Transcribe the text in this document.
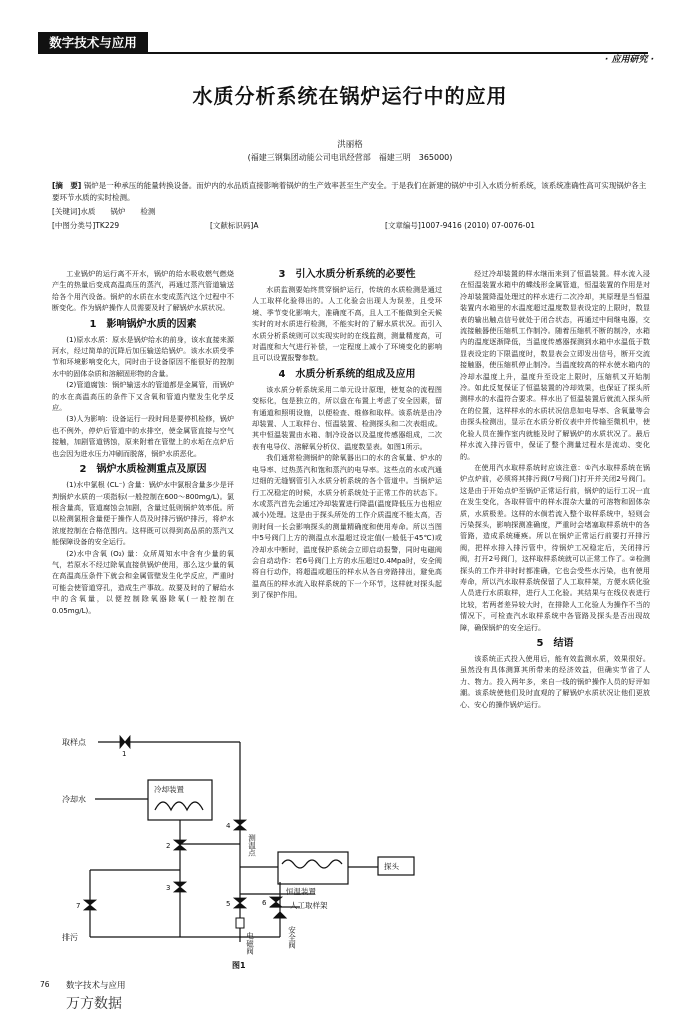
数字技术与应用
· 应用研究 ·
水质分析系统在锅炉运行中的应用
洪丽格
(福建三钢集团动能公司电讯经营部　福建三明　365000)
[摘　要] 锅炉是一种承压的能量转换设备。而炉内的水品质直接影响着锅炉的生产效率甚至生产安全。于是我们在新建的锅炉中引入水质分析系统，该系统准确性高可实现锅炉各主要环节水质的实时检测。
[关键词]水质　　锅炉　　检测
[中图分类号]TK229	[文献标识码]A	[文章编号]1007-9416 (2010) 07-0076-01

工业锅炉的运行离不开水，锅炉的给水吸收燃气燃烧产生的热量后变成高温高压的蒸汽，再通过蒸汽管道输送给各个用汽设备。锅炉的水质在水变成蒸汽这个过程中不断变化。作为锅炉操作人员需要及时了解锅炉水质状况。

1　影响锅炉水质的因素

(1)原水水质：原水是锅炉给水的前身，该水直接来源河水，经过简单的沉降后加压输送给锅炉。该水水质受季节和环境影响变化大，同时由于设备原因不能很好的控制水中的固体杂质和溶解固形物的含量。

(2)管道腐蚀：锅炉输送水的管道都是金属管，而锅炉的水在高温高压的条件下又含氧和管道内壁发生化学反应。

(3)人为影响：设备运行一段时间是要停机检修，锅炉也不例外，停炉后管道中的水排空，使金属管直接与空气接触，加剧管道锈蚀，原来附着在管壁上的水垢在点炉后也会因为进水压力冲刷而脱落，锅炉水质恶化。

2　锅炉水质检测重点及原因

(1)水中氯根 (CL⁻) 含量：锅炉水中氯根含量多少是评判锅炉水质的一项指标(一般控制在600～800mg/L)。氯根含量高，管道腐蚀会加剧，含量过低则锅炉效率低。所以检测氯根含量便于操作人员及时排污锅炉排污，将炉水浓度控制在合格范围内。这样既可以得到高品质的蒸汽又能保障设备的安全运行。

(2)水中含氧 (O₂) 量：众所周知水中含有少量的氧气，若原水不经过除氧直接供锅炉使用，那么这少量的氧在高温高压条件下就会和金属管壁发生化学反应，严重时可能会使管道穿孔，造成生产事故。故要及时的了解给水中的含氧量，以便控制除氧器除氧(一般控制在0.05mg/L)。

3　引入水质分析系统的必要性

水质监测要始终贯穿锅炉运行，传统的水质检测是通过人工取样化验得出的。人工化验会出现人为误差，且受环境、季节变化影响大，准确度不高，且人工不能做到全天候实时的对水质进行检测，不能实时的了解水质状况。而引入水质分析系统则可以实现实时的在线监测，测量精度高，可对温度和大气进行补偿，一定程度上减小了环境变化的影响且可以设置报警参数。

4　水质分析系统的组成及应用

该水质分析系统采用二单元设计原理，使复杂的流程图变标化，包是独立的，所以盘在布置上考虑了安全因素，留有通道和照明设施，以便检查、维修和取样。该系统是由冷却装置、人工取样台、恒温装置、检测探头和二次表组成。其中恒温装置由水箱、制冷设备以及温度传感器组成，二次表有电导仪、溶解氧分析仪、温度数显表。如图1所示。

我们通常检测锅炉的除氧器出口的水的含氧量、炉水的电导率、过热蒸汽和饱和蒸汽的电导率。这些点的水或汽通过细的无缝钢管引入水质分析系统的各个管道中。当锅炉运行工况稳定的时候，水质分析系统处于正常工作的状态下。水或蒸汽首先会通过冷却装置进行降温(温度降低压力也相应减小)处理。这是由于探头所处的工作介质温度不能太高，否则时间一长会影响探头的测量精确度和使用寿命。所以当图中5号阀门上方的测温点水温超过设定值(一般低于45℃)或冷却水中断时，温度保护系统会立即启动报警，同时电磁阀会自动动作：若6号阀门上方的水压超过0.4Mpa时，安全阀将自行动作，将超温或超压的样水从各自旁路排出，避免高温高压的样水流入取样系统的下一个环节，这样就对探头起到了保护作用。

经过冷却装置的样水继而来到了恒温装置。样水流入浸在恒温装置水箱中的蝶线形金属管道，恒温装置的作用是对冷却装置降温处理过的样水进行二次冷却，其原理是当恒温装置内水箱里的水温度超过温度数显表设定的上限时，数显表的输出触点信号就处于闭合状态，再通过中间继电器，交流接触器使压缩机工作制冷。随着压缩机不断的制冷，水箱内的温度逐渐降低，当温度传感器探测到水箱中水温低于数显表设定的下限温度时，数显表会立即发出信号，断开交流接触器，使压缩机停止制冷。当温度较高的样水使水箱内的冷却水温度上升，温度升至设定上限时，压缩机又开始制冷。如此反复保证了恒温装置的冷却效果，也保证了探头所测样水的水温符合要求。样水出了恒温装置后就流入探头所在的位置，这样样水的水质状况信息如电导率、含氧量等会由探头检测出，显示在水质分析仪表中并传输至微机中，使化验人员在操作室内就能及时了解锅炉的水质状况了。最后样水流入排污管中，保证了整个测量过程水是流动、变化的。

在使用汽水取样系统时应该注意：①汽水取样系统在锅炉点炉前，必须将其排污阀(7号阀门)打开并关闭2号阀门。这是由于开始点炉至锅炉正常运行前，锅炉的运行工况一直在发生变化，各取样管中的样水混杂大量的可溶物和固体杂质，水质极差。这样的水倘若流入整个取样系统中，轻则会污染探头，影响探测准确度，严重时会堵塞取样系统中的各管路，造成系统瘫痪。所以在锅炉正常运行前要打开排污阀，把样水排入排污管中，待锅炉工况稳定后，关闭排污阀，打开2号阀门，这样取样系统就可以正常工作了。②检测探头的工作并非时时都准确，它也会受些水污染，也有使用寿命，所以汽水取样系统保留了人工取样架，方便水质化验人员进行水质取样，进行人工化验。其结果与在线仪表进行比较，若两者差异较大时，在排除人工化验人为操作不当的情况下，可检查汽水取样系统中各管路及探头是否出现故障，确保锅炉的安全运行。

5　结语

该系统正式投入使用后，能有效监测水质，效果很好。虽然没有具体测算其所带来的经济效益，但确实节省了人力、物力。投入两年多，来自一线的锅炉操作人员的好评如潮。该系统使他们及时直观的了解锅炉水质状况让他们更放心、安心的操作锅炉运行。

取样点
冷却水
冷却装置
排污
测温点
恒温装置
探头
人工取样架
电磁阀	安全阀
1
2
3
4
5	6
7
图1
76 数字技术与应用
万方数据
